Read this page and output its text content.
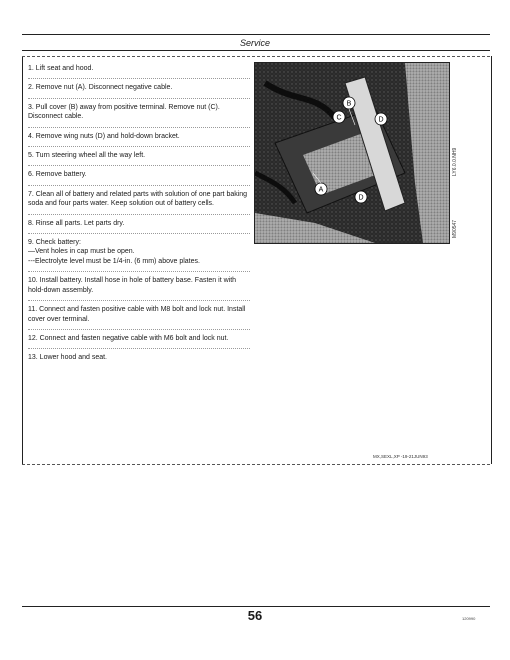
Service
1. Lift seat and hood.
2. Remove nut (A). Disconnect negative cable.
3. Pull cover (B) away from positive terminal. Remove nut (C). Disconnect cable.
4. Remove wing nuts (D) and hold-down bracket.
5. Turn steering wheel all the way left.
6. Remove battery.
7. Clean all of battery and related parts with solution of one part baking soda and four parts water. Keep solution out of battery cells.
8. Rinse all parts. Let parts dry.
9. Check battery:
—Vent holes in cap must be open.
---Electrolyte level must be 1/4-in. (6 mm) above plates.
10. Install battery. Install hose in hole of battery base. Fasten it with hold-down assembly.
11. Connect and fasten positive cable with M8 bolt and lock nut. Install cover over terminal.
12. Connect and fasten negative cable with M6 bolt and lock nut.
13. Lower hood and seat.
A
B
C	D
D
LY6.0.0.NH9
M90547
MX,SEXL,XP -19-21JUN93
56	120990
